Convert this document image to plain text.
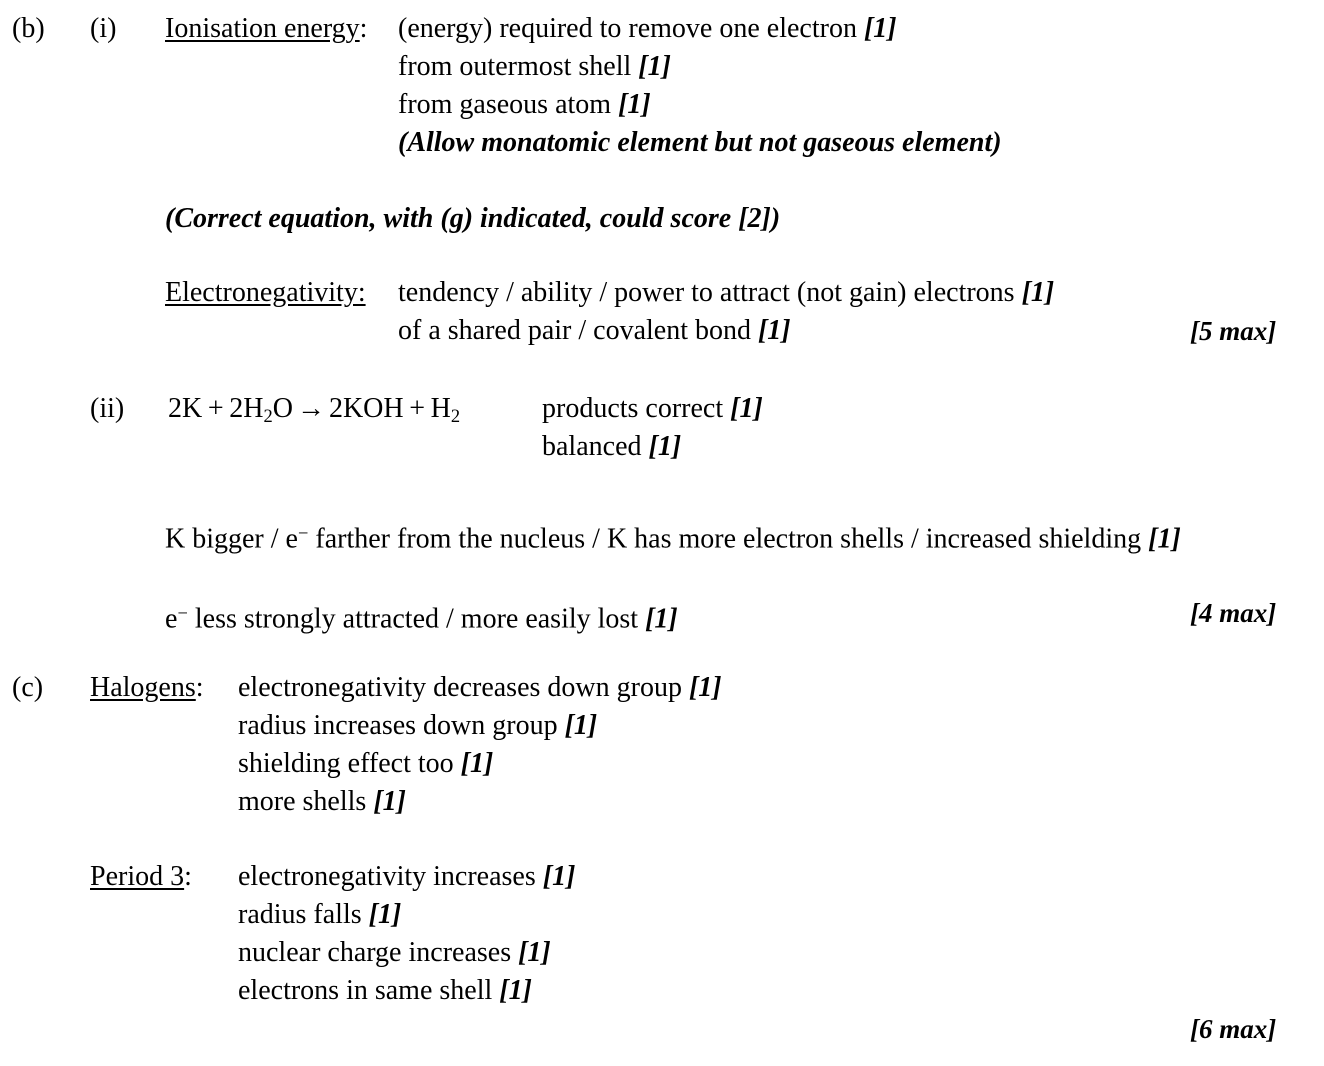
(b) (i) Ionisation energy: (energy) required to remove one electron [1]
from outermost shell [1]
from gaseous atom [1]
(Allow monatomic element but not gaseous element)
(Correct equation, with (g) indicated, could score [2])
Electronegativity: tendency / ability / power to attract (not gain) electrons [1]
of a shared pair / covalent bond [1]	[5 max]
(ii) $2K + 2H_2O \to 2KOH + H_2$	products correct [1]
balanced [1]
K bigger / e− farther from the nucleus / K has more electron shells / increased shielding [1]
e− less strongly attracted / more easily lost [1]	[4 max]
(c) Halogens: electronegativity decreases down group [1]
radius increases down group [1]
shielding effect too [1]
more shells [1]
Period 3: electronegativity increases [1]
radius falls [1]
nuclear charge increases [1]
electrons in same shell [1]
[6 max]
